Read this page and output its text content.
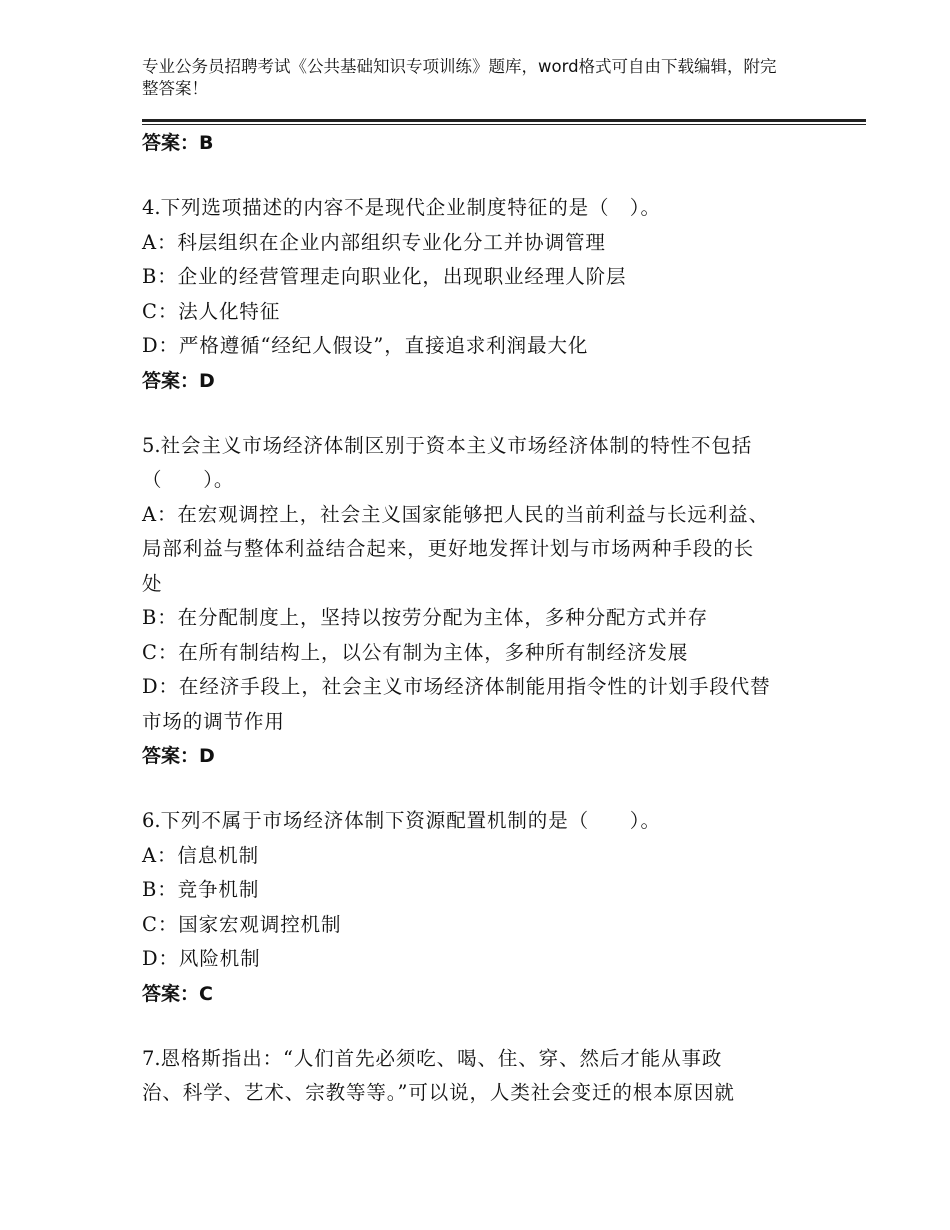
专业公务员招聘考试《公共基础知识专项训练》题库，word格式可自由下载编辑，附完整答案！

答案：B

4.下列选项描述的内容不是现代企业制度特征的是（　）。

A：科层组织在企业内部组织专业化分工并协调管理

B：企业的经营管理走向职业化，出现职业经理人阶层

C：法人化特征

D：严格遵循“经纪人假设”，直接追求利润最大化

答案：D

5.社会主义市场经济体制区别于资本主义市场经济体制的特性不包括

（　　）。

A：在宏观调控上，社会主义国家能够把人民的当前利益与长远利益、

局部利益与整体利益结合起来，更好地发挥计划与市场两种手段的长

处

B：在分配制度上，坚持以按劳分配为主体，多种分配方式并存

C：在所有制结构上，以公有制为主体，多种所有制经济发展

D：在经济手段上，社会主义市场经济体制能用指令性的计划手段代替

市场的调节作用

答案：D

6.下列不属于市场经济体制下资源配置机制的是（　　）。

A：信息机制

B：竞争机制

C：国家宏观调控机制

D：风险机制

答案：C

7.恩格斯指出：“人们首先必须吃、喝、住、穿、然后才能从事政

治、科学、艺术、宗教等等。”可以说，人类社会变迁的根本原因就
